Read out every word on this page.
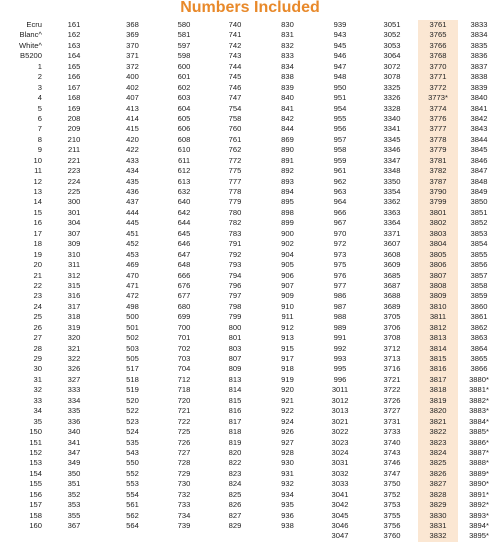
Numbers Included
Ecru
Blanc^
White^
B5200
1
2
3
4
5
6
7
8
9
10
11
12
13
14
15
16
17
18
19
20
21
22
23
24
25
26
27
28
29
30
31
32
33
34
35
150
151
152
153
154
155
156
157
158
160
161
162
163
164
165
166
167
168
169
208
209
210
211
221
223
224
225
300
301
304
307
309
310
311
312
315
316
317
318
319
320
321
322
326
327
333
334
335
336
340
341
347
349
350
351
352
353
355
367
368
369
370
371
372
400
402
407
413
414
415
420
422
433
434
435
436
437
444
445
451
452
453
469
470
471
472
498
500
501
502
503
505
517
518
519
520
522
523
524
535
543
550
552
553
554
561
562
564
580
581
597
598
600
601
602
603
604
605
606
608
610
611
612
613
632
640
642
644
645
646
647
648
666
676
677
680
699
700
701
702
703
704
712
718
720
721
722
725
726
727
728
729
730
732
733
734
739
740
741
742
743
744
745
746
747
754
758
760
761
762
772
775
777
778
779
780
782
783
791
792
793
794
796
797
798
799
800
801
803
807
809
813
814
815
816
817
818
819
820
822
823
824
825
826
827
829
830
831
832
833
834
838
839
840
841
842
844
869
890
891
892
893
894
895
898
899
900
902
904
905
906
907
909
910
911
912
913
915
917
918
919
920
921
922
924
926
927
928
930
931
932
934
935
936
938
939
943
945
946
947
948
950
951
954
955
956
957
958
959
961
962
963
964
966
967
970
972
973
975
976
977
986
987
988
989
991
992
993
995
996
3011
3012
3013
3021
3022
3023
3024
3031
3032
3033
3041
3042
3045
3046
3047
3051
3052
3053
3064
3072
3078
3325
3326
3328
3340
3341
3345
3346
3347
3348
3350
3354
3362
3363
3364
3371
3607
3608
3609
3685
3687
3688
3689
3705
3706
3708
3712
3713
3716
3721
3722
3726
3727
3731
3733
3740
3743
3746
3747
3750
3752
3753
3755
3756
3760
3761
3765
3766
3768
3770
3771
3772
3773*
3774
3776
3777
3778
3779
3781
3782
3787
3790
3799
3801
3802
3803
3804
3805
3806
3807
3808
3809
3810
3811
3812
3813
3814
3815
3816
3817
3818
3819
3820
3821
3822
3823
3824
3825
3826
3827
3828
3829
3830
3831
3832
3833
3834
3835
3836
3837
3838
3839
3840
3841
3842
3843
3844
3845
3846
3847
3848
3849
3850
3851
3852
3853
3854
3855
3856
3857
3858
3859
3860
3861
3862
3863
3864
3865
3866
3880*
3881*
3882*
3883*
3884*
3885*
3886*
3887*
3888*
3889*
3890*
3891*
3892*
3893*
3894*
3895*
